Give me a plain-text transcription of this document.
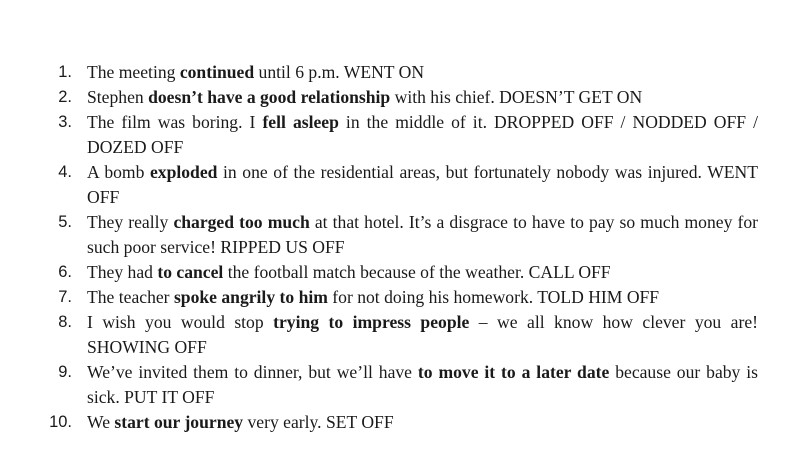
1. The meeting continued until 6 p.m. WENT ON
2. Stephen doesn’t have a good relationship with his chief. DOESN’T GET ON
3. The film was boring. I fell asleep in the middle of it. DROPPED OFF / NODDED OFF / DOZED OFF
4. A bomb exploded in one of the residential areas, but fortunately nobody was injured. WENT OFF
5. They really charged too much at that hotel. It’s a disgrace to have to pay so much money for such poor service! RIPPED US OFF
6. They had to cancel the football match because of the weather. CALL OFF
7. The teacher spoke angrily to him for not doing his homework. TOLD HIM OFF
8. I wish you would stop trying to impress people – we all know how clever you are! SHOWING OFF
9. We’ve invited them to dinner, but we’ll have to move it to a later date because our baby is sick. PUT IT OFF
10. We start our journey very early. SET OFF
